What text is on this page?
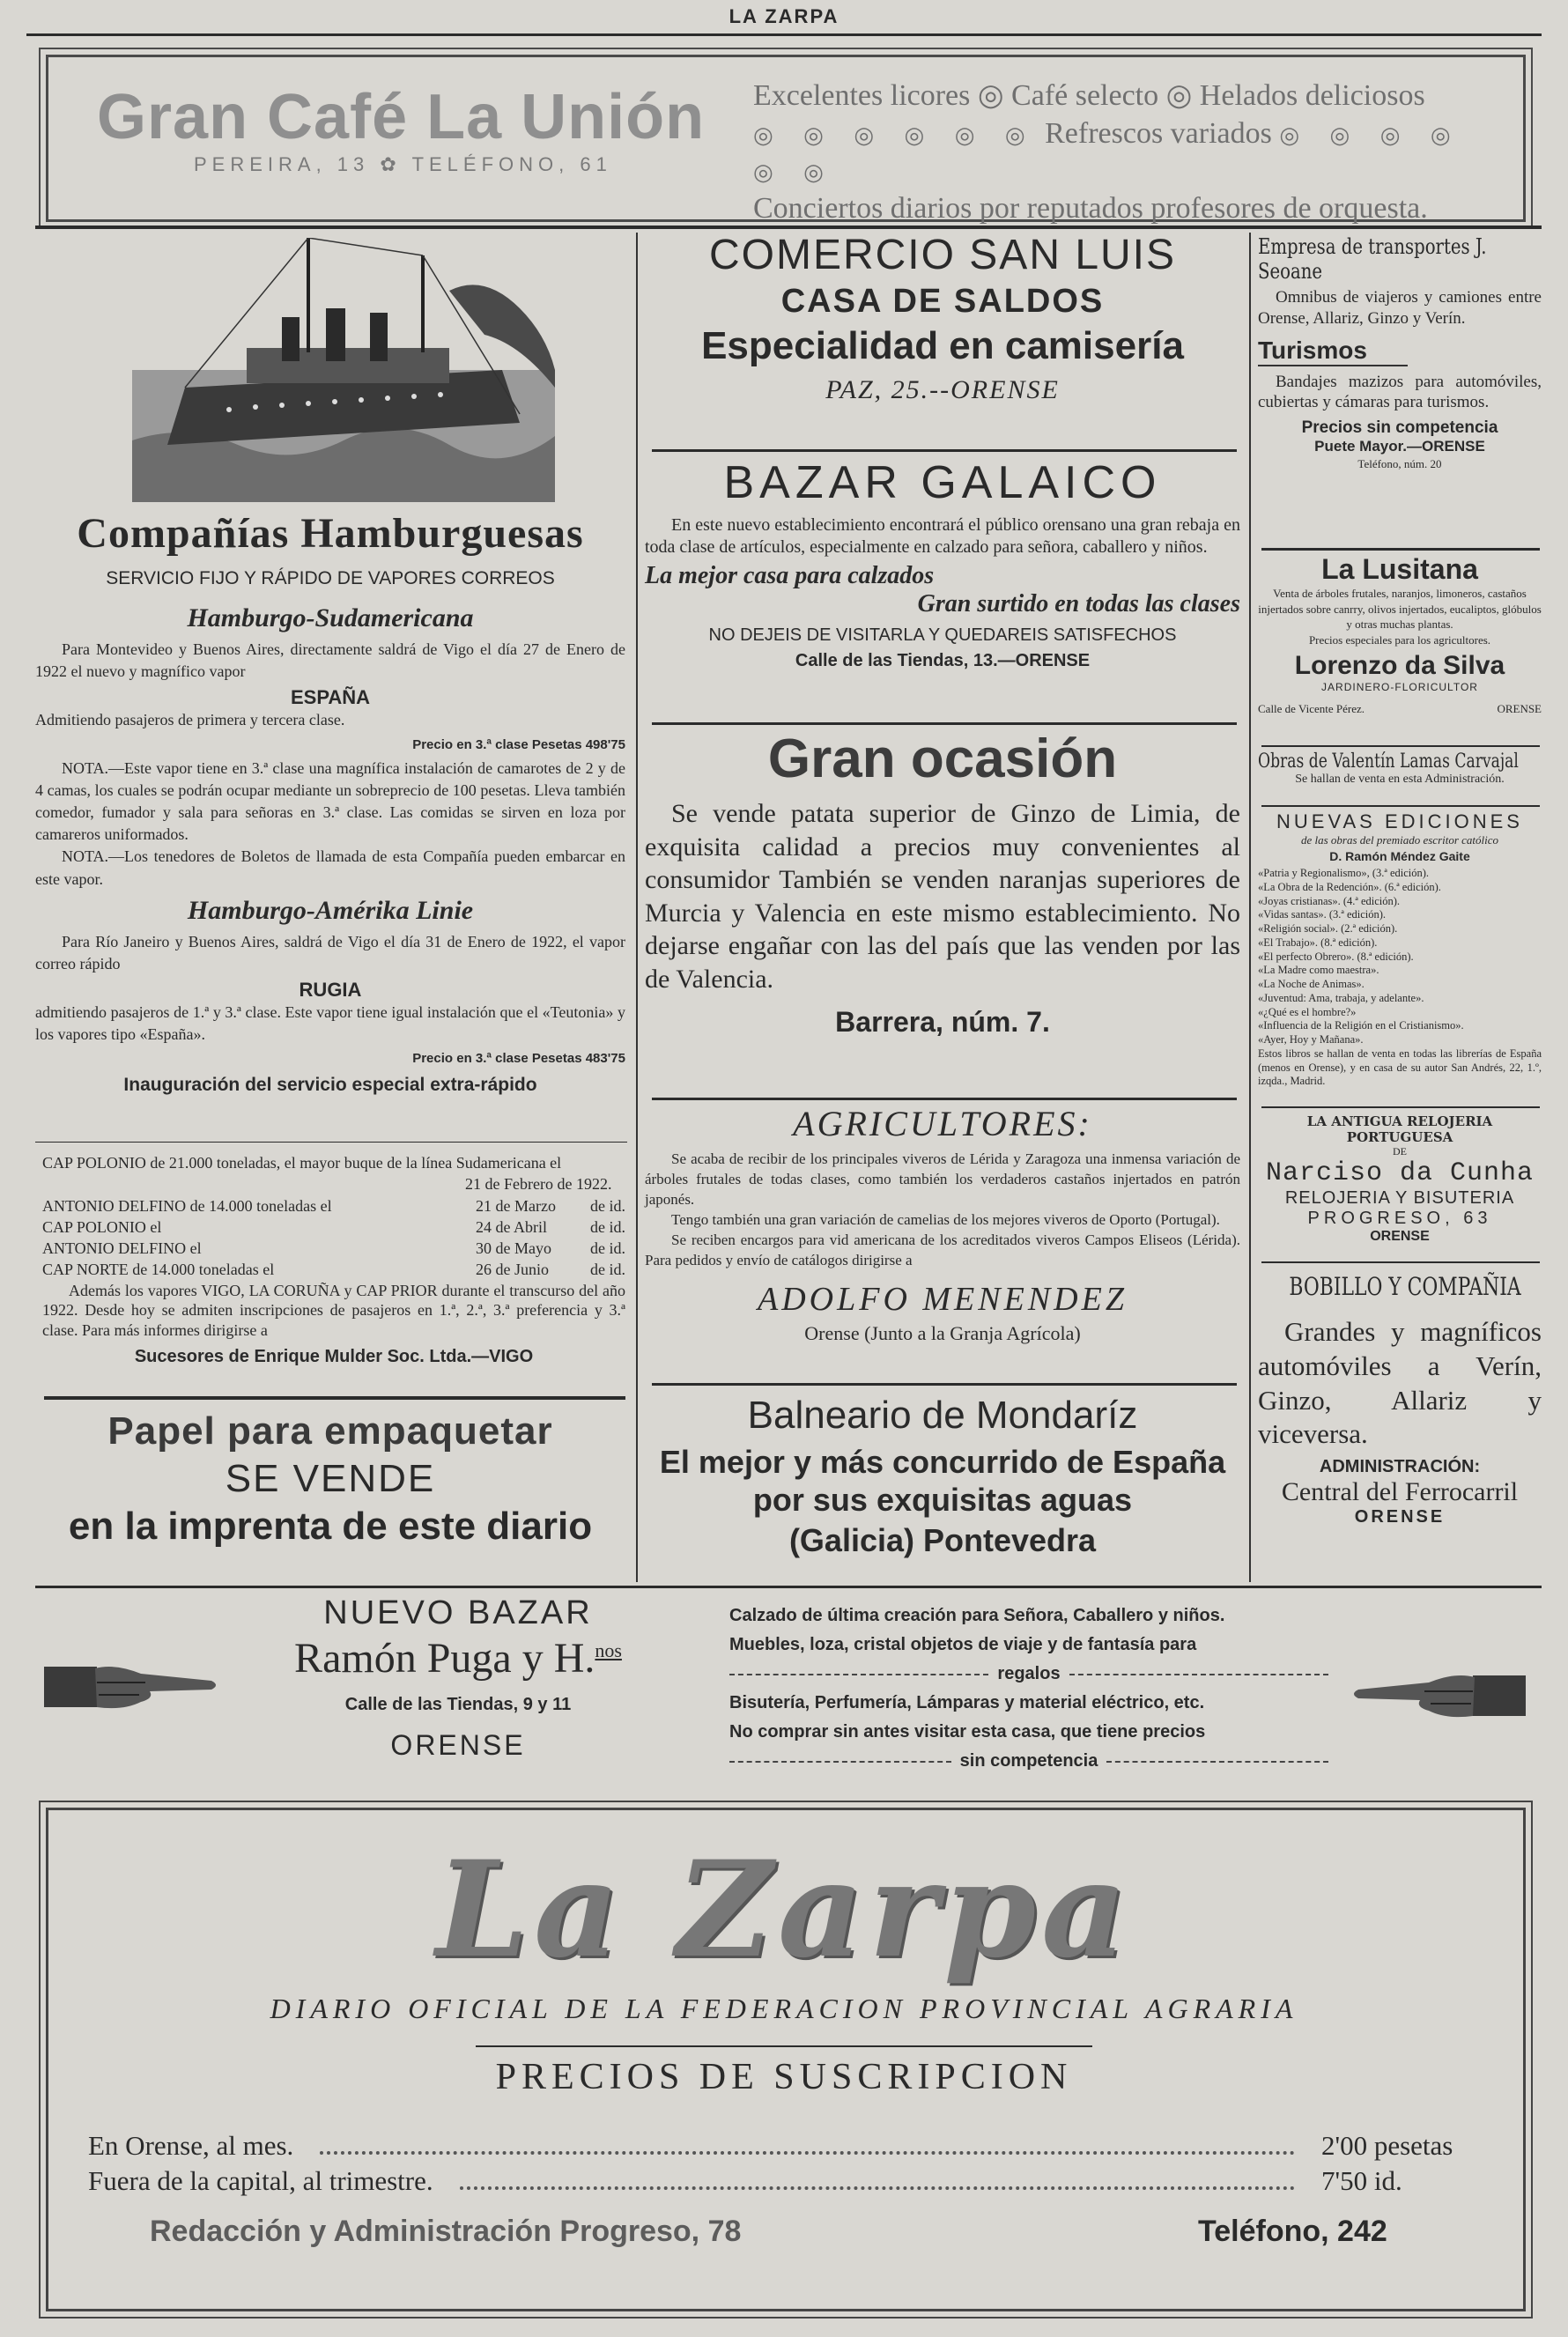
LA ZARPA
Gran Café La Unión
PEREIRA, 13 ✿ TELÉFONO, 61
Excelentes licores ◎ Café selecto ◎ Helados deliciosos
◎ ◎ ◎ ◎ ◎ ◎ Refrescos variados ◎ ◎ ◎ ◎ ◎ ◎
Conciertos diarios por reputados profesores de orquesta.
Compañías Hamburguesas
SERVICIO FIJO Y RÁPIDO DE VAPORES CORREOS
Hamburgo-Sudamericana

Para Montevideo y Buenos Aires, directamente saldrá de Vigo el día 27 de Enero de 1922 el nuevo y magnífico vapor

ESPAÑA

Admitiendo pasajeros de primera y tercera clase.

Precio en 3.ª clase Pesetas 498'75

NOTA.—Este vapor tiene en 3.ª clase una magnífica instalación de camarotes de 2 y de 4 camas, los cuales se podrán ocupar mediante un sobreprecio de 100 pesetas. Lleva también comedor, fumador y sala para señoras en 3.ª clase. Las comidas se sirven en loza por camareros uniformados.

NOTA.—Los tenedores de Boletos de llamada de esta Compañía pueden embarcar en este vapor.

Hamburgo-Amérika Linie

Para Río Janeiro y Buenos Aires, saldrá de Vigo el día 31 de Enero de 1922, el vapor correo rápido

RUGIA

admitiendo pasajeros de 1.ª y 3.ª clase. Este vapor tiene igual instalación que el «Teutonia» y los vapores tipo «España».

Precio en 3.ª clase Pesetas 483'75
Inauguración del servicio especial extra-rápido
CAP POLONIO de 21.000 toneladas, el mayor buque de la línea Sudamericana el
21 de Febrero de 1922.
ANTONIO DELFINO de 14.000 toneladas el	21 de Marzo	de id.
CAP POLONIO el	24 de Abril	de id.
ANTONIO DELFINO el	30 de Mayo	de id.
CAP NORTE de 14.000 toneladas el	26 de Junio	de id.

Además los vapores VIGO, LA CORUÑA y CAP PRIOR durante el transcurso del año 1922. Desde hoy se admiten inscripciones de pasajeros en 1.ª, 2.ª, 3.ª preferencia y 3.ª clase. Para más informes dirigirse a

Sucesores de Enrique Mulder Soc. Ltda.—VIGO
Papel para empaquetar
SE VENDE
en la imprenta de este diario
COMERCIO SAN LUIS
CASA DE SALDOS
Especialidad en camisería
PAZ, 25.--ORENSE
BAZAR GALAICO

En este nuevo establecimiento encontrará el público orensano una gran rebaja en toda clase de artículos, especialmente en calzado para señora, caballero y niños.

La mejor casa para calzados
Gran surtido en todas las clases
NO DEJEIS DE VISITARLA Y QUEDAREIS SATISFECHOS
Calle de las Tiendas, 13.—ORENSE
Gran ocasión

Se vende patata superior de Ginzo de Limia, de exquisita calidad a precios muy convenientes al consumidor También se venden naranjas superiores de Murcia y Valencia en este mismo establecimiento. No dejarse engañar con las del país que las venden por las de Valencia.

Barrera, núm. 7.
AGRICULTORES:

Se acaba de recibir de los principales viveros de Lérida y Zaragoza una inmensa variación de árboles frutales de todas clases, como también los verdaderos castaños injertados en patrón japonés.

Tengo también una gran variación de camelias de los mejores viveros de Oporto (Portugal).

Se reciben encargos para vid americana de los acreditados viveros Campos Eliseos (Lérida). Para pedidos y envío de catálogos dirigirse a

ADOLFO MENENDEZ
Orense (Junto a la Granja Agrícola)
Balneario de Mondaríz
El mejor y más concurrido de España por sus exquisitas aguas
(Galicia) Pontevedra
Empresa de transportes J. Seoane

Omnibus de viajeros y camiones entre Orense, Allariz, Ginzo y Verín.

Turismos

Bandajes mazizos para automóviles, cubiertas y cámaras para turismos.

Precios sin competencia
Puete Mayor.—ORENSE
Teléfono, núm. 20
La Lusitana

Venta de árboles frutales, naranjos, limoneros, castaños injertados sobre canrry, olivos injertados, eucaliptos, glóbulos y otras muchas plantas.

Precios especiales para los agricultores.
Lorenzo da Silva
JARDINERO-FLORICULTOR
Calle de Vicente Pérez.	ORENSE
Obras de Valentín Lamas Carvajal
Se hallan de venta en esta Administración.
NUEVAS EDICIONES
de las obras del premiado escritor católico
D. Ramón Méndez Gaite
«Patria y Regionalismo», (3.ª edición).
«La Obra de la Redención». (6.ª edición).
«Joyas cristianas». (4.ª edición).
«Vidas santas». (3.ª edición).
«Religión social». (2.ª edición).
«El Trabajo». (8.ª edición).
«El perfecto Obrero». (8.ª edición).
«La Madre como maestra».
«La Noche de Animas».
«Juventud: Ama, trabaja, y adelante».
«¿Qué es el hombre?»
«Influencia de la Religión en el Cristianismo».
«Ayer, Hoy y Mañana».

Estos libros se hallan de venta en todas las librerías de España (menos en Orense), y en casa de su autor San Andrés, 22, 1.º, izqda., Madrid.

LA ANTIGUA RELOJERIA PORTUGUESA
DE
Narciso da Cunha
RELOJERIA Y BISUTERIA
PROGRESO, 63
ORENSE
BOBILLO Y COMPAÑIA

Grandes y magníficos automóviles a Verín, Ginzo, Allariz y viceversa.

ADMINISTRACIÓN:
Central del Ferrocarril
ORENSE
NUEVO BAZAR
Ramón Puga y H.$^{nos}$
Calle de las Tiendas, 9 y 11
ORENSE
Calzado de última creación para Señora, Caballero y niños.
Muebles, loza, cristal objetos de viaje y de fantasía para
regalos
Bisutería, Perfumería, Lámparas y material eléctrico, etc.
No comprar sin antes visitar esta casa, que tiene precios
sin competencia
La Zarpa
DIARIO OFICIAL DE LA FEDERACION PROVINCIAL AGRARIA
PRECIOS DE SUSCRIPCION
En Orense, al mes.	2'00 pesetas
Fuera de la capital, al trimestre.	7'50 id.
Redacción y Administración Progreso, 78	Teléfono, 242
